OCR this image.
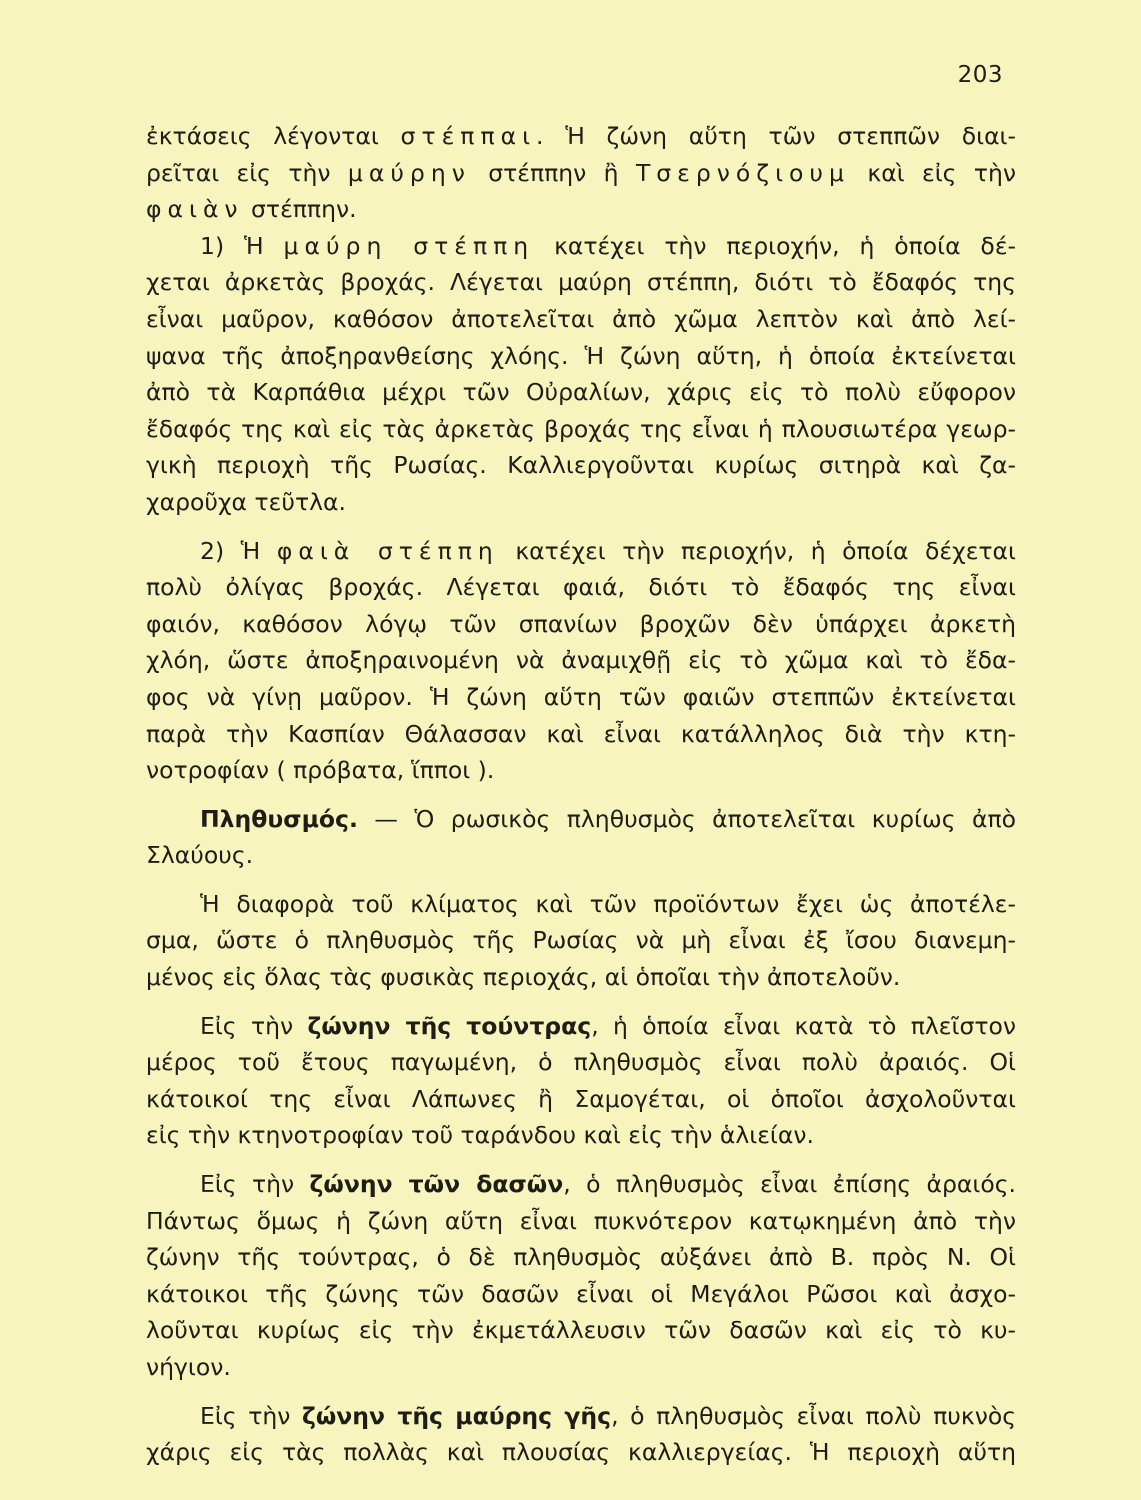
203
ἐκτάσεις λέγονται στέππαι. Ἡ ζώνη αὕτη τῶν στεππῶν διαι-
ρεῖται εἰς τὴν μαύρην στέππην ἢ Τσερνόζιουμ καὶ εἰς τὴν
φαιὰν στέππην.
1) Ἡ μαύρη στέππη κατέχει τὴν περιοχήν, ἡ ὁποία δέ-
χεται ἀρκετὰς βροχάς. Λέγεται μαύρη στέππη, διότι τὸ ἔδαφός της
εἶναι μαῦρον, καθόσον ἀποτελεῖται ἀπὸ χῶμα λεπτὸν καὶ ἀπὸ λεί-
ψανα τῆς ἀποξηρανθείσης χλόης. Ἡ ζώνη αὕτη, ἡ ὁποία ἐκτείνεται
ἀπὸ τὰ Καρπάθια μέχρι τῶν Οὐραλίων, χάρις εἰς τὸ πολὺ εὔφορον
ἔδαφός της καὶ εἰς τὰς ἀρκετὰς βροχάς της εἶναι ἡ πλουσιωτέρα γεωρ-
γικὴ περιοχὴ τῆς Ρωσίας. Καλλιεργοῦνται κυρίως σιτηρὰ καὶ ζα-
χαροῦχα τεῦτλα.
2) Ἡ φαιὰ στέππη κατέχει τὴν περιοχήν, ἡ ὁποία δέχεται
πολὺ ὀλίγας βροχάς. Λέγεται φαιά, διότι τὸ ἔδαφός της εἶναι
φαιόν, καθόσον λόγῳ τῶν σπανίων βροχῶν δὲν ὑπάρχει ἀρκετὴ
χλόη, ὥστε ἀποξηραινομένη νὰ ἀναμιχθῇ εἰς τὸ χῶμα καὶ τὸ ἔδα-
φος νὰ γίνῃ μαῦρον. Ἡ ζώνη αὕτη τῶν φαιῶν στεππῶν ἐκτείνεται
παρὰ τὴν Κασπίαν Θάλασσαν καὶ εἶναι κατάλληλος διὰ τὴν κτη-
νοτροφίαν ( πρόβατα, ἵπποι ).
Πληθυσμός. — Ὁ ρωσικὸς πληθυσμὸς ἀποτελεῖται κυρίως ἀπὸ
Σλαύους.
Ἡ διαφορὰ τοῦ κλίματος καὶ τῶν προϊόντων ἔχει ὡς ἀποτέλε-
σμα, ὥστε ὁ πληθυσμὸς τῆς Ρωσίας νὰ μὴ εἶναι ἐξ ἴσου διανεμη-
μένος εἰς ὅλας τὰς φυσικὰς περιοχάς, αἱ ὁποῖαι τὴν ἀποτελοῦν.
Εἰς τὴν ζώνην τῆς τούντρας, ἡ ὁποία εἶναι κατὰ τὸ πλεῖστον
μέρος τοῦ ἔτους παγωμένη, ὁ πληθυσμὸς εἶναι πολὺ ἀραιός. Οἱ
κάτοικοί της εἶναι Λάπωνες ἢ Σαμογέται, οἱ ὁποῖοι ἀσχολοῦνται
εἰς τὴν κτηνοτροφίαν τοῦ ταράνδου καὶ εἰς τὴν ἁλιείαν.
Εἰς τὴν ζώνην τῶν δασῶν, ὁ πληθυσμὸς εἶναι ἐπίσης ἀραιός.
Πάντως ὅμως ἡ ζώνη αὕτη εἶναι πυκνότερον κατῳκημένη ἀπὸ τὴν
ζώνην τῆς τούντρας, ὁ δὲ πληθυσμὸς αὐξάνει ἀπὸ Β. πρὸς Ν. Οἱ
κάτοικοι τῆς ζώνης τῶν δασῶν εἶναι οἱ Μεγάλοι Ρῶσοι καὶ ἀσχο-
λοῦνται κυρίως εἰς τὴν ἐκμετάλλευσιν τῶν δασῶν καὶ εἰς τὸ κυ-
νήγιον.
Εἰς τὴν ζώνην τῆς μαύρης γῆς, ὁ πληθυσμὸς εἶναι πολὺ πυκνὸς
χάρις εἰς τὰς πολλὰς καὶ πλουσίας καλλιεργείας. Ἡ περιοχὴ αὕτη
